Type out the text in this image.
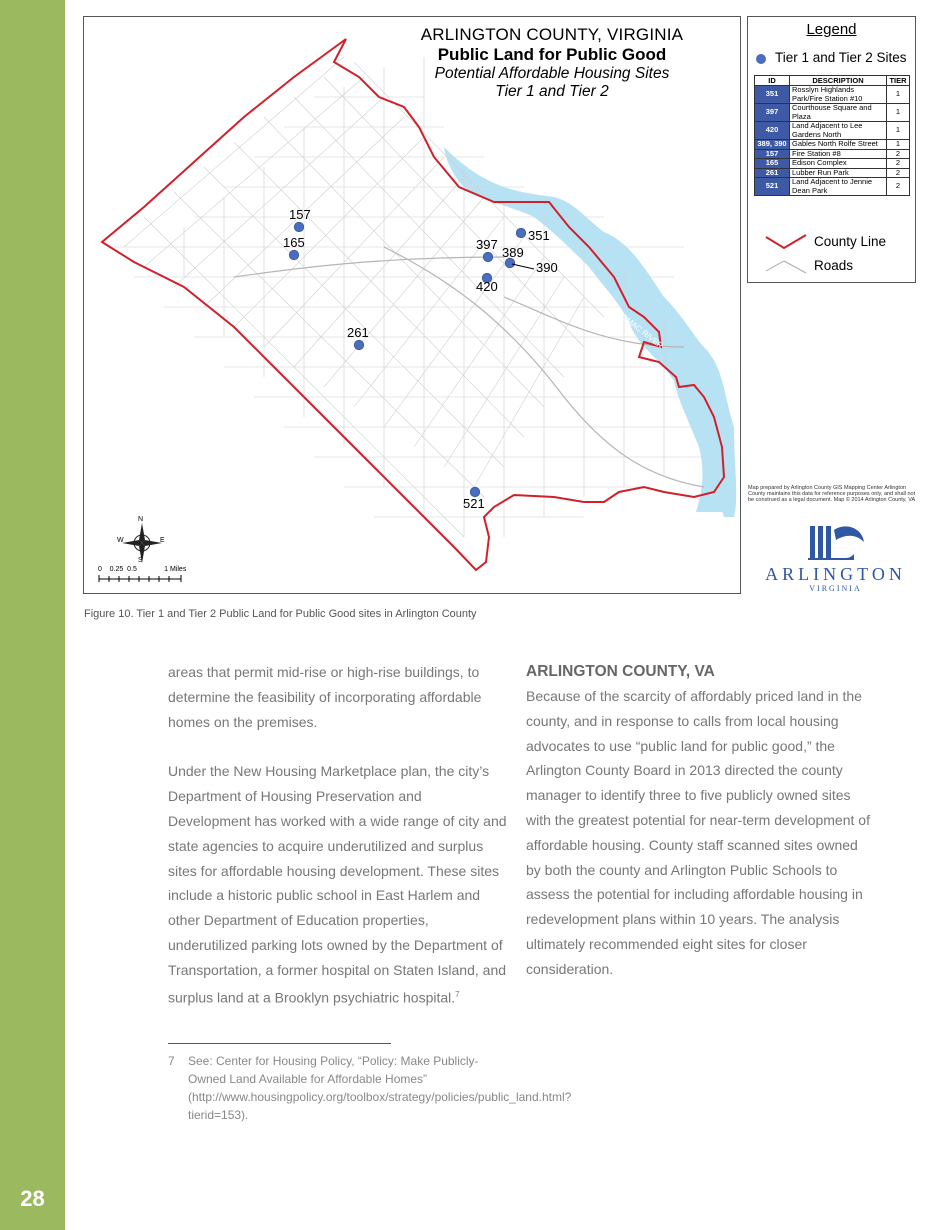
28
ARLINGTON COUNTY, VIRGINIA
Public Land for Public Good
Potential Affordable Housing Sites
Tier 1 and Tier 2
157
165	397
389
351
390
420
261
521
POTOMAC RIVER
N
S
W	E
0    0.25  0.5              1 Miles
Legend
Tier 1 and Tier 2 Sites
ID	DESCRIPTION	TIER
351	Rosslyn Highlands Park/Fire Station #10	1
397	Courthouse Square and Plaza	1
420	Land Adjacent to Lee Gardens North	1
389, 390	Gables North Rolfe Street	1
157	Fire Station #8	2
165	Edison Complex	2
261	Lubber Run Park	2
521	Land Adjacent to Jennie Dean Park	2
County Line
Roads
Map prepared by Arlington County GIS Mapping Center Arlington County maintains this data for reference purposes only, and shall not be construed as a legal document. Map © 2014 Arlington County, VA
ARLINGTON
VIRGINIA
Figure 10. Tier 1 and Tier 2 Public Land for Public Good sites in Arlington County

areas that permit mid-rise or high-rise buildings, to determine the feasibility of incorporating affordable homes on the premises.

Under the New Housing Marketplace plan, the city’s Department of Housing Preservation and Development has worked with a wide range of city and state agencies to acquire underutilized and surplus sites for affordable housing development. These sites include a historic public school in East Harlem and other Department of Education properties, underutilized parking lots owned by the Department of Transportation, a former hospital on Staten Island, and surplus land at a Brooklyn psychiatric hospital.$^7$

ARLINGTON COUNTY, VA

Because of the scarcity of affordably priced land in the county, and in response to calls from local housing advocates to use “public land for public good,” the Arlington County Board in 2013 directed the county manager to identify three to five publicly owned sites with the greatest potential for near-term development of affordable housing. County staff scanned sites owned by both the county and Arlington Public Schools to assess the potential for including affordable housing in redevelopment plans within 10 years. The analysis ultimately recommended eight sites for closer consideration.

7 See: Center for Housing Policy, “Policy: Make Publicly-Owned Land Available for Affordable Homes” (http://www.housingpolicy.org/toolbox/strategy/policies/public_land.html?tierid=153).
